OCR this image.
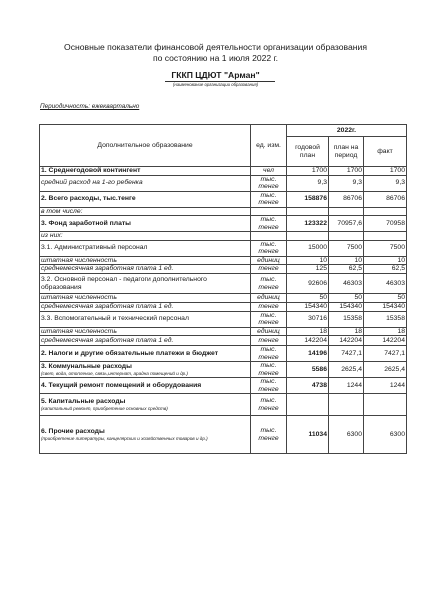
Основные показатели финансовой деятельности организации образования
по состоянию на 1 июля 2022 г.
ГККП ЦДЮТ "Арман"
(наименование организации образования)
Периодичность: ежеквартально
Дополнительное образование	ед. изм.	2022г.		
		годовой план	план на период	факт

1. Среднегодовой контингент	чел	1700	1700	1700

средний расход на 1-го ребенка	тыс. тенге	9,3	9,3	9,3

2. Всего расходы, тыс.тенге	тыс. тенге	158876	86706	86706

в том числе:				

3. Фонд заработной платы	тыс. тенге	123322	70957,6	70958

из них:				

3.1. Административный персонал	тыс. тенге	15000	7500	7500

штатная численность	единиц	10	10	10

среднемесячная заработная плата 1 ед.	тенге	125	62,5	62,5

3.2. Основной персонал - педагоги дополнительного образования	тыс. тенге	92606	46303	46303

штатная численность	единиц	50	50	50

среднемесячная заработная плата 1 ед.	тенге	154340	154340	154340

3.3. Вспомогательный и технический персонал	тыс. тенге	30716	15358	15358

штатная численность	единиц	18	18	18

среднемесячная заработная плата 1 ед.	тенге	142204	142204	142204

2. Налоги и другие обязательные платежи в бюджет	тыс. тенге	14196	7427,1	7427,1

3. Коммунальные расходы
(свет, вода, отопление, связь,интернат, арадна помещений и др.)	тыс. тенге	5586	2625,4	2625,4

4. Текущий ремонт помещений и оборудования	тыс. тенге	4738	1244	1244

5. Капитальные расходы
(капитальный ремонт, приобретение основных средств)	тыс. тенге			

6. Прочие расходы
(приобретение литературы, канцелярских и хозяйственных товаров и др.)	тыс. тенге	11034	6300	6300
